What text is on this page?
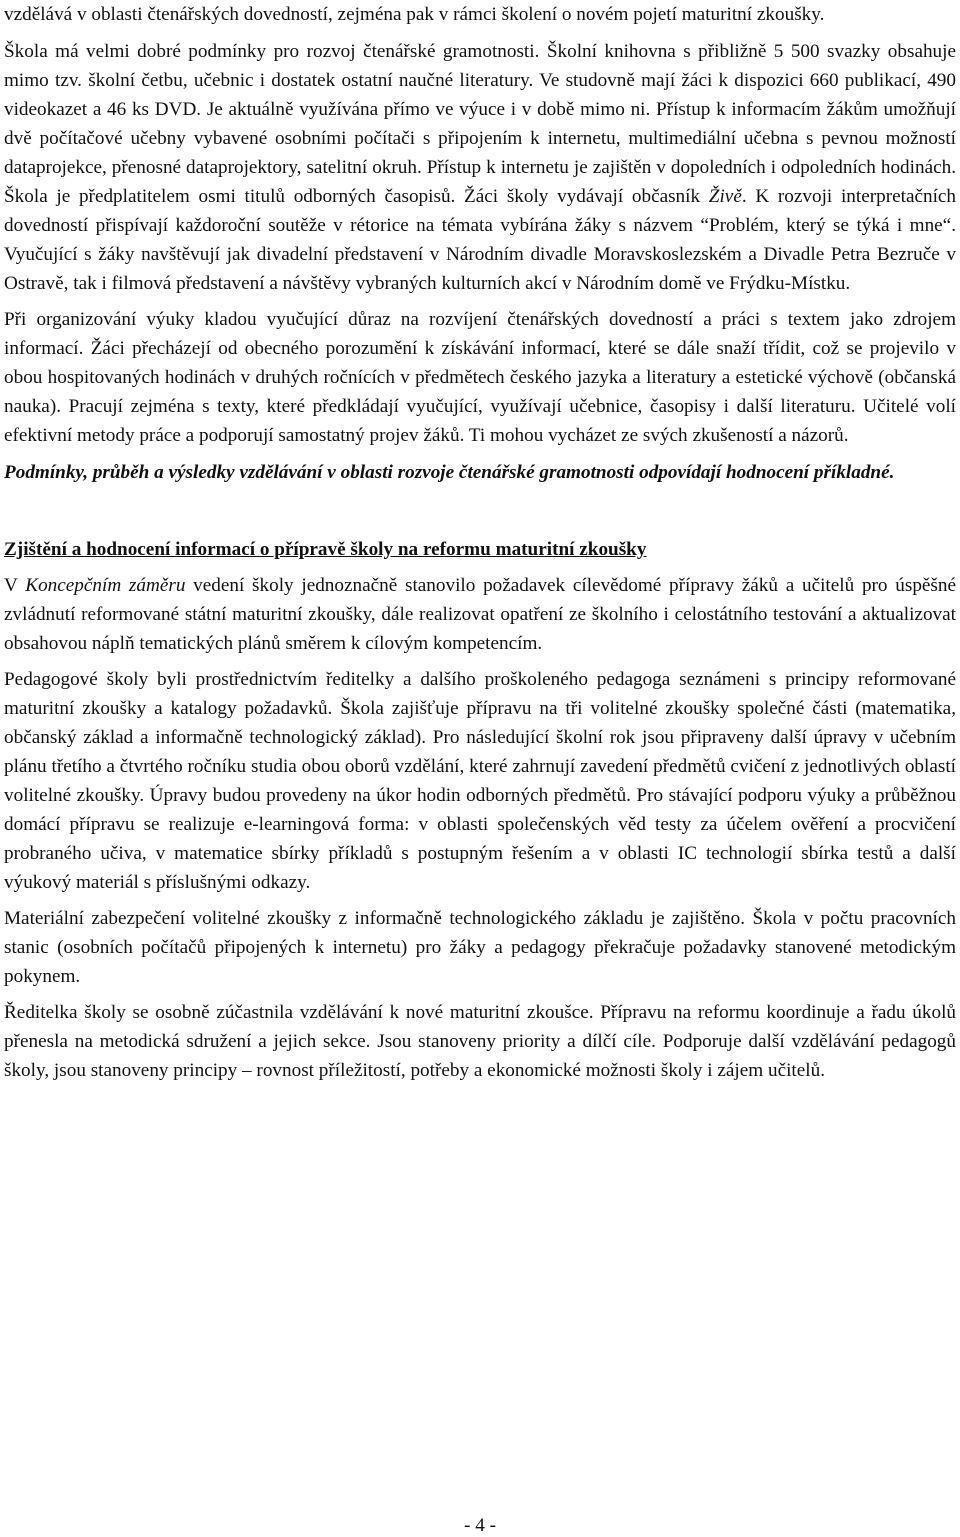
vzdělává v oblasti čtenářských dovedností, zejména pak v rámci školení o novém pojetí maturitní zkoušky.

Škola má velmi dobré podmínky pro rozvoj čtenářské gramotnosti. Školní knihovna s přibližně 5 500 svazky obsahuje mimo tzv. školní četbu, učebnic i dostatek ostatní naučné literatury. Ve studovně mají žáci k dispozici 660 publikací, 490 videokazet a 46 ks DVD. Je aktuálně využívána přímo ve výuce i v době mimo ni. Přístup k informacím žákům umožňují dvě počítačové učebny vybavené osobními počítači s připojením k internetu, multimediální učebna s pevnou možností dataprojekce, přenosné dataprojektory, satelitní okruh. Přístup k internetu je zajištěn v dopoledních i odpoledních hodinách. Škola je předplatitelem osmi titulů odborných časopisů. Žáci školy vydávají občasník Živě. K rozvoji interpretačních dovedností přispívají každoroční soutěže v rétorice na témata vybírána žáky s názvem “Problém, který se týká i mne“. Vyučující s žáky navštěvují jak divadelní představení v Národním divadle Moravskoslezském a Divadle Petra Bezruče v Ostravě, tak i filmová představení a návštěvy vybraných kulturních akcí v Národním domě ve Frýdku-Místku.

Při organizování výuky kladou vyučující důraz na rozvíjení čtenářských dovedností a práci s textem jako zdrojem informací. Žáci přecházejí od obecného porozumění k získávání informací, které se dále snaží třídit, což se projevilo v obou hospitovaných hodinách v druhých ročnících v předmětech českého jazyka a literatury a estetické výchově (občanská nauka). Pracují zejména s texty, které předkládají vyučující, využívají učebnice, časopisy i další literaturu. Učitelé volí efektivní metody práce a podporují samostatný projev žáků. Ti mohou vycházet ze svých zkušeností a názorů.

Podmínky, průběh a výsledky vzdělávání v oblasti rozvoje čtenářské gramotnosti odpovídají hodnocení příkladné.

Zjištění a hodnocení informací o přípravě školy na reformu maturitní zkoušky

V Koncepčním záměru vedení školy jednoznačně stanovilo požadavek cílevědomé přípravy žáků a učitelů pro úspěšné zvládnutí reformované státní maturitní zkoušky, dále realizovat opatření ze školního i celostátního testování a aktualizovat obsahovou náplň tematických plánů směrem k cílovým kompetencím.

Pedagogové školy byli prostřednictvím ředitelky a dalšího proškoleného pedagoga seznámeni s principy reformované maturitní zkoušky a katalogy požadavků. Škola zajišťuje přípravu na tři volitelné zkoušky společné části (matematika, občanský základ a informačně technologický základ). Pro následující školní rok jsou připraveny další úpravy v učebním plánu třetího a čtvrtého ročníku studia obou oborů vzdělání, které zahrnují zavedení předmětů cvičení z jednotlivých oblastí volitelné zkoušky. Úpravy budou provedeny na úkor hodin odborných předmětů. Pro stávající podporu výuky a průběžnou domácí přípravu se realizuje e-learningová forma: v oblasti společenských věd testy za účelem ověření a procvičení probraného učiva, v matematice sbírky příkladů s postupným řešením a v oblasti IC technologií sbírka testů a další výukový materiál s příslušnými odkazy.

Materiální zabezpečení volitelné zkoušky z informačně technologického základu je zajištěno. Škola v počtu pracovních stanic (osobních počítačů připojených k internetu) pro žáky a pedagogy překračuje požadavky stanovené metodickým pokynem.

Ředitelka školy se osobně zúčastnila vzdělávání k nové maturitní zkoušce. Přípravu na reformu koordinuje a řadu úkolů přenesla na metodická sdružení a jejich sekce. Jsou stanoveny priority a dílčí cíle. Podporuje další vzdělávání pedagogů školy, jsou stanoveny principy – rovnost příležitostí, potřeby a ekonomické možnosti školy i zájem učitelů.

- 4 -
